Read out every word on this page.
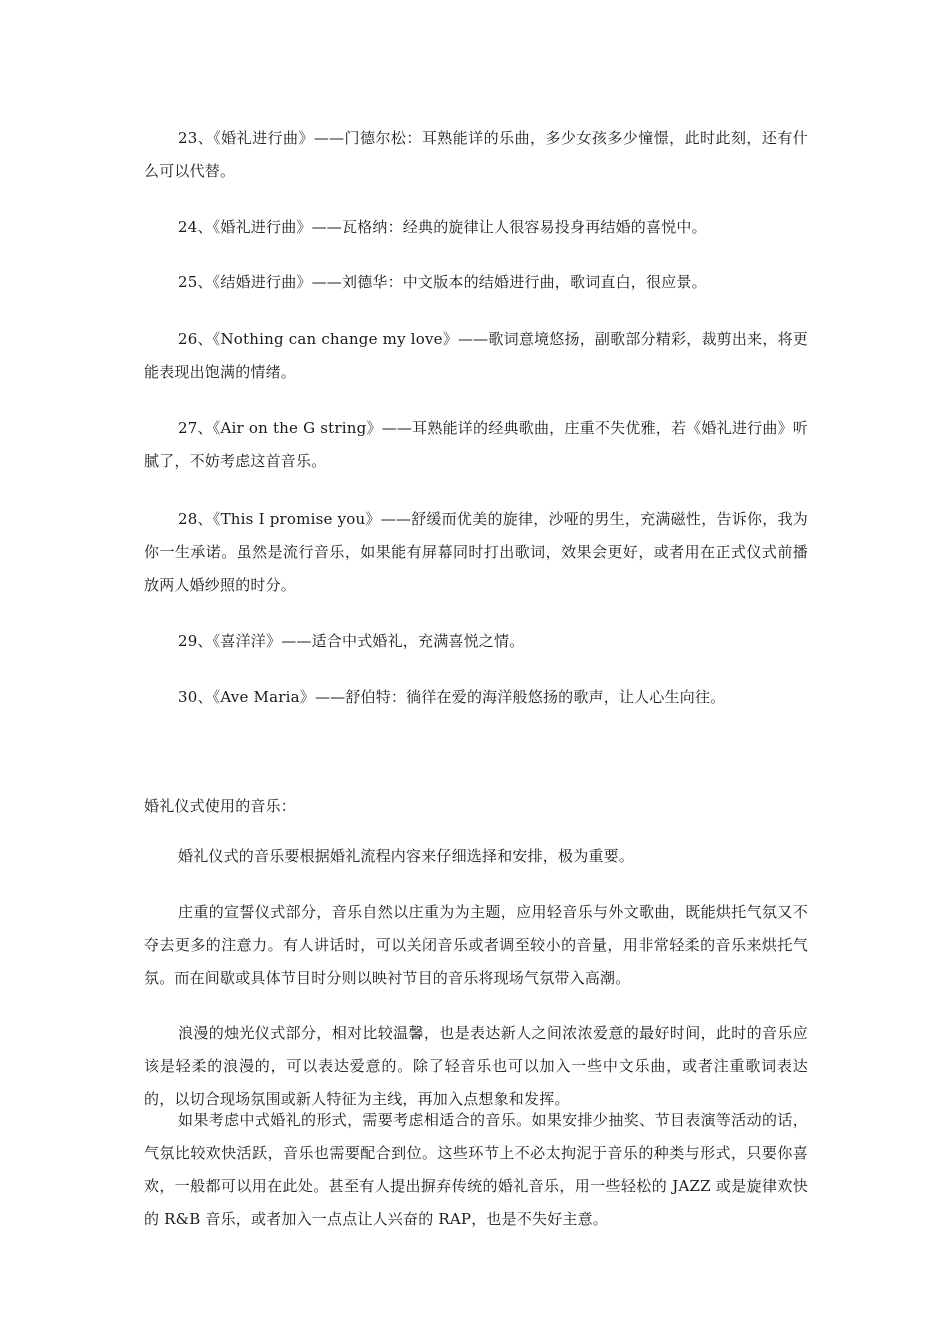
23、《婚礼进行曲》——门德尔松：耳熟能详的乐曲，多少女孩多少憧憬，此时此刻，还有什么可以代替。

24、《婚礼进行曲》——瓦格纳：经典的旋律让人很容易投身再结婚的喜悦中。

25、《结婚进行曲》——刘德华：中文版本的结婚进行曲，歌词直白，很应景。

26、《Nothing can change my love》——歌词意境悠扬，副歌部分精彩，裁剪出来，将更能表现出饱满的情绪。

27、《Air on the G string》——耳熟能详的经典歌曲，庄重不失优雅，若《婚礼进行曲》听腻了，不妨考虑这首音乐。

28、《This I promise you》——舒缓而优美的旋律，沙哑的男生，充满磁性，告诉你，我为你一生承诺。虽然是流行音乐，如果能有屏幕同时打出歌词，效果会更好，或者用在正式仪式前播放两人婚纱照的时分。

29、《喜洋洋》——适合中式婚礼，充满喜悦之情。

30、《Ave Maria》——舒伯特：徜徉在爱的海洋般悠扬的歌声，让人心生向往。

婚礼仪式使用的音乐：

婚礼仪式的音乐要根据婚礼流程内容来仔细选择和安排，极为重要。

庄重的宣誓仪式部分，音乐自然以庄重为为主题，应用轻音乐与外文歌曲，既能烘托气氛又不夺去更多的注意力。有人讲话时，可以关闭音乐或者调至较小的音量，用非常轻柔的音乐来烘托气氛。而在间歇或具体节目时分则以映衬节目的音乐将现场气氛带入高潮。

浪漫的烛光仪式部分，相对比较温馨，也是表达新人之间浓浓爱意的最好时间，此时的音乐应该是轻柔的浪漫的，可以表达爱意的。除了轻音乐也可以加入一些中文乐曲，或者注重歌词表达的，以切合现场氛围或新人特征为主线，再加入点想象和发挥。

如果考虑中式婚礼的形式，需要考虑相适合的音乐。如果安排少抽奖、节目表演等活动的话，气氛比较欢快活跃，音乐也需要配合到位。这些环节上不必太拘泥于音乐的种类与形式，只要你喜欢，一般都可以用在此处。甚至有人提出摒弃传统的婚礼音乐，用一些轻松的 JAZZ 或是旋律欢快的 R&B 音乐，或者加入一点点让人兴奋的 RAP，也是不失好主意。
